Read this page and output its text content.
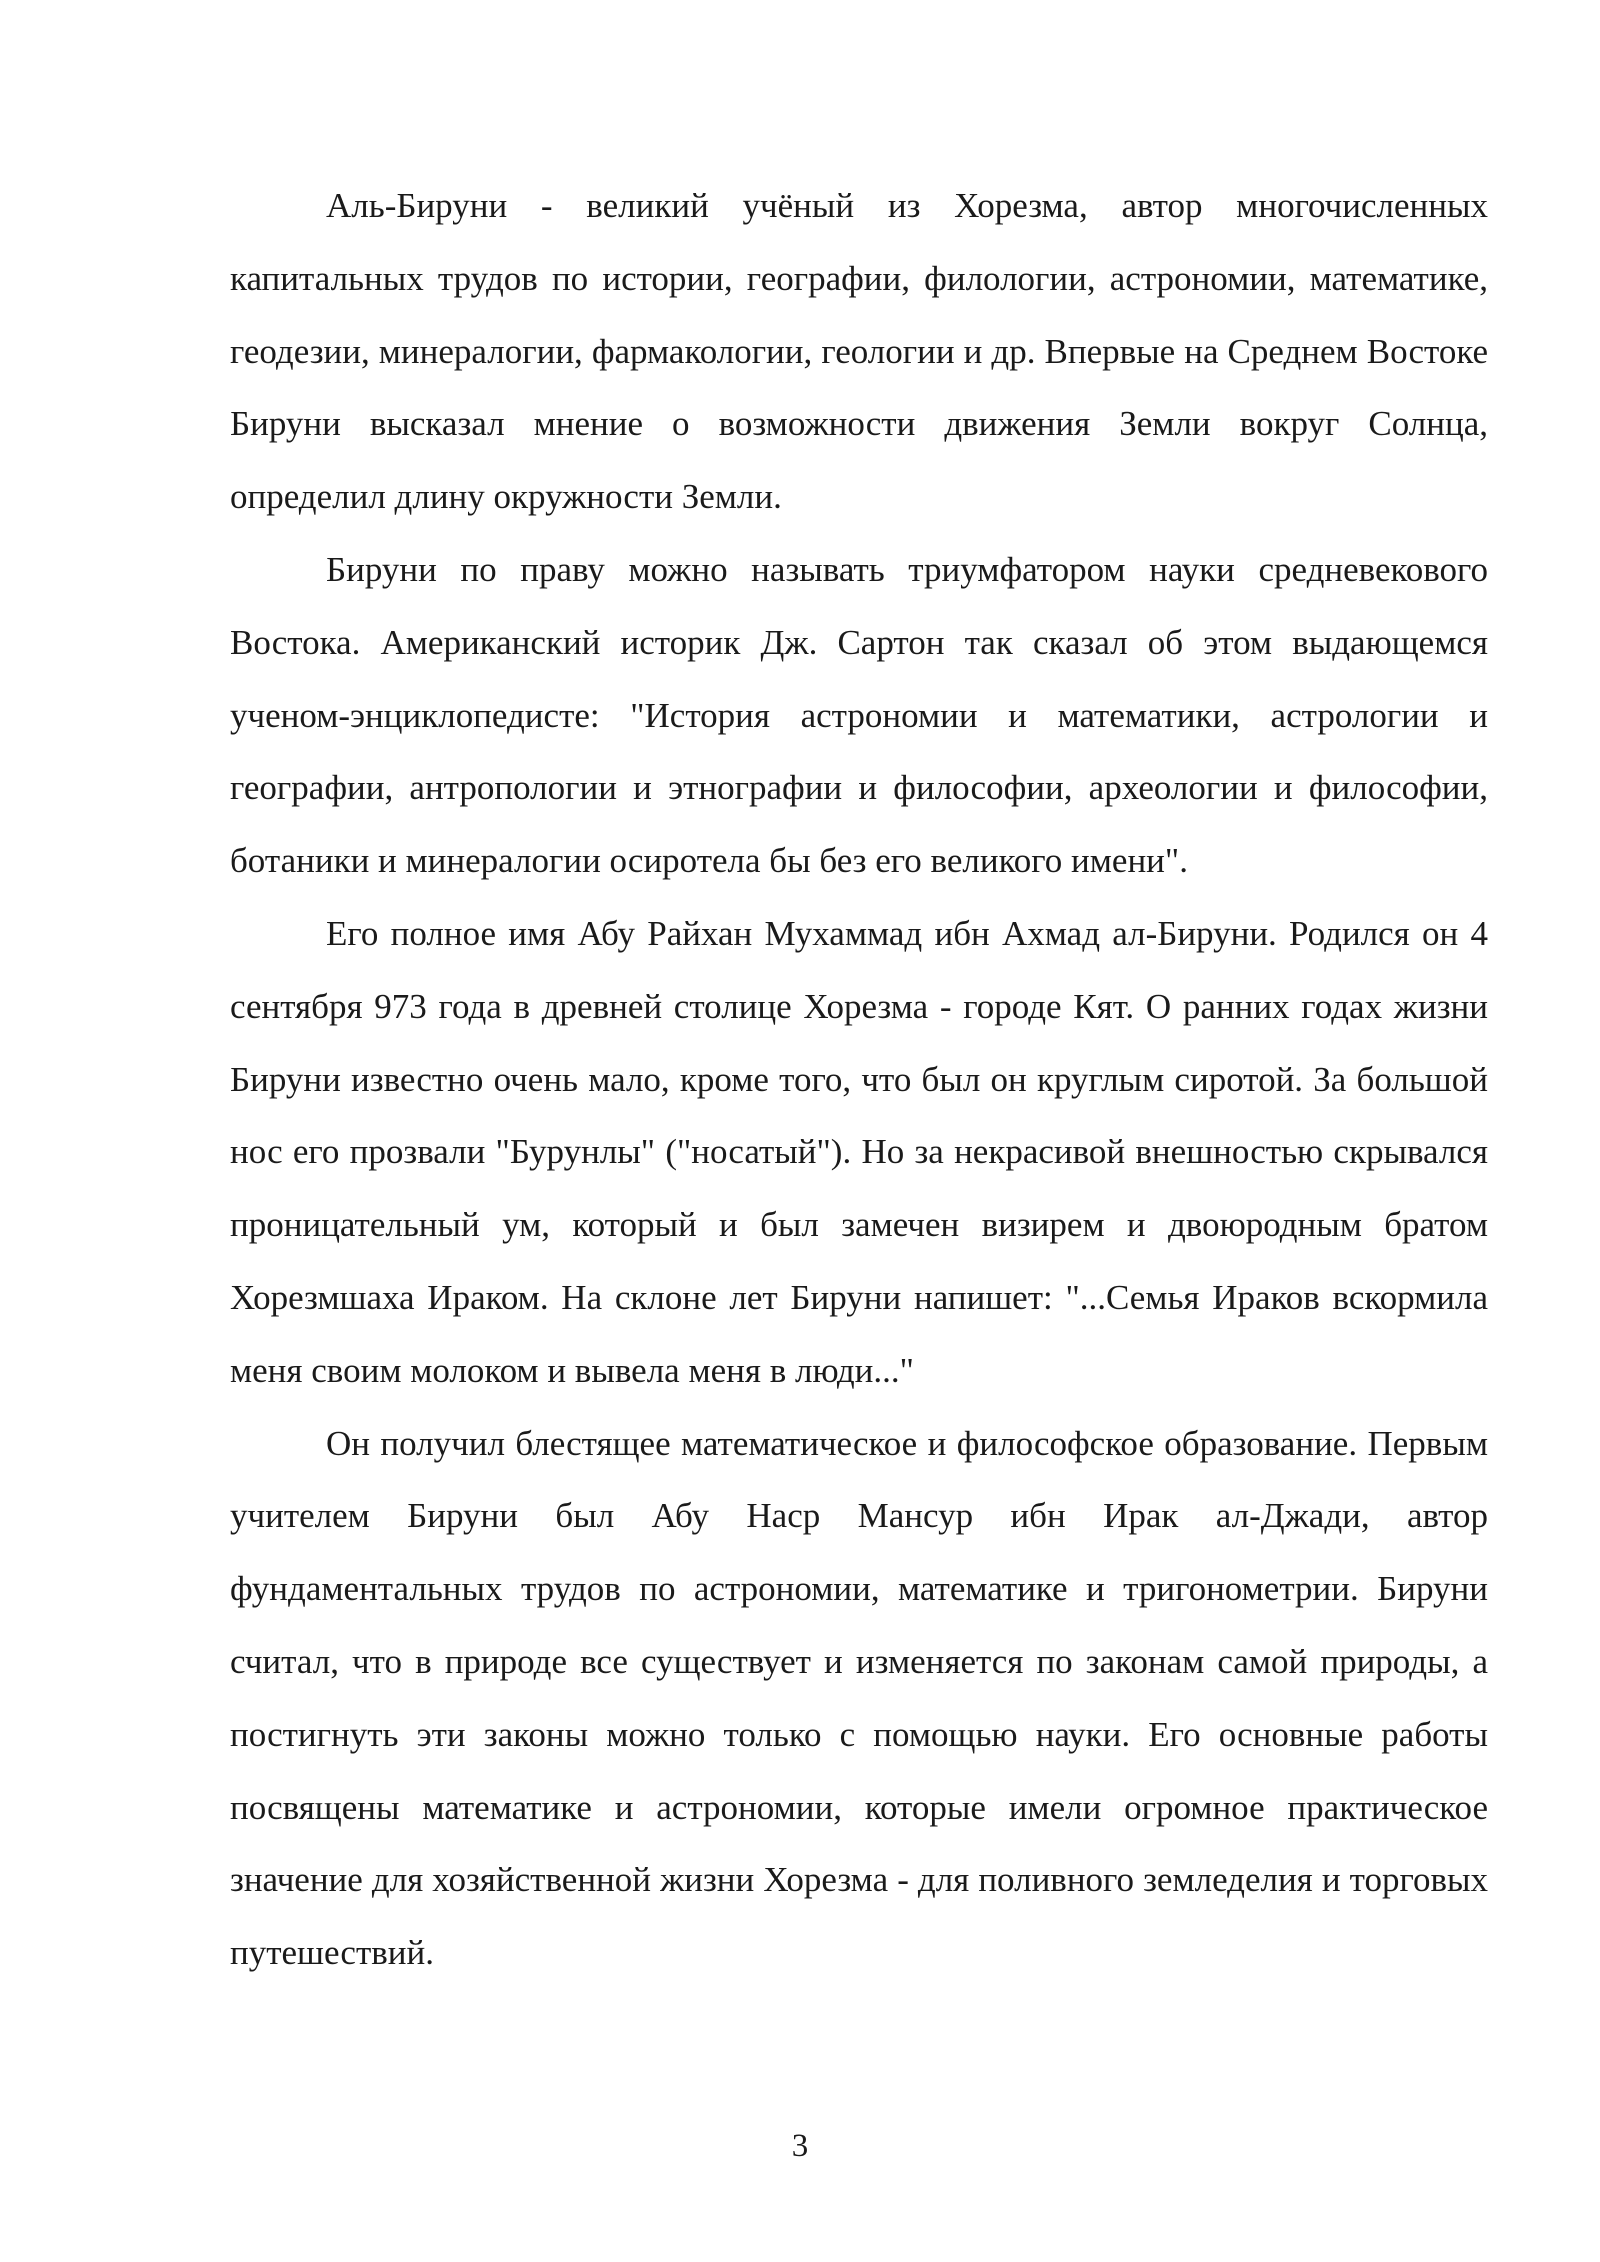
Аль-Бируни - великий учёный из Хорезма, автор многочисленных капитальных трудов по истории, географии, филологии, астрономии, математике, геодезии, минералогии, фармакологии, геологии и др. Впервые на Среднем Востоке Бируни высказал мнение о возможности движения Земли вокруг Солнца, определил длину окружности Земли.

Бируни по праву можно называть триумфатором науки средневекового Востока. Американский историк Дж. Сартон так сказал об этом выдающемся ученом-энциклопедисте: "История астрономии и математики, астрологии и географии, антропологии и этнографии и философии, археологии и философии, ботаники и минералогии осиротела бы без его великого имени".

Его полное имя Абу Райхан Мухаммад ибн Ахмад ал-Бируни. Родился он 4 сентября 973 года в древней столице Хорезма - городе Кят. О ранних годах жизни Бируни известно очень мало, кроме того, что был он круглым сиротой. За большой нос его прозвали "Бурунлы" ("носатый"). Но за некрасивой внешностью скрывался проницательный ум, который и был замечен визирем и двоюродным братом Хорезмшаха Ираком. На склоне лет Бируни напишет: "...Семья Ираков вскормила меня своим молоком и вывела меня в люди..."

Он получил блестящее математическое и философское образование. Первым учителем Бируни был Абу Наср Мансур ибн Ирак ал-Джади, автор фундаментальных трудов по астрономии, математике и тригонометрии. Бируни считал, что в природе все существует и изменяется по законам самой природы, а постигнуть эти законы можно только с помощью науки. Его основные работы посвящены математике и астрономии, которые имели огромное практическое значение для хозяйственной жизни Хорезма - для поливного земледелия и торговых путешествий.

3
